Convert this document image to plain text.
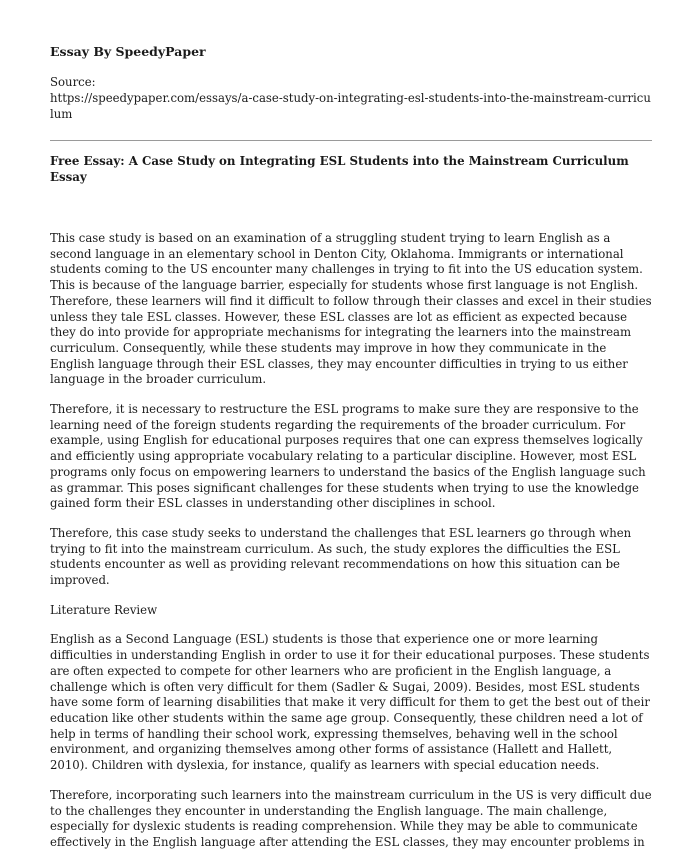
Essay By SpeedyPaper
Source:
https://speedypaper.com/essays/a-case-study-on-integrating-esl-students-into-the-mainstream-curriculum
Free Essay: A Case Study on Integrating ESL Students into the Mainstream Curriculum Essay

This case study is based on an examination of a struggling student trying to learn English as a second language in an elementary school in Denton City, Oklahoma. Immigrants or international students coming to the US encounter many challenges in trying to fit into the US education system. This is because of the language barrier, especially for students whose first language is not English. Therefore, these learners will find it difficult to follow through their classes and excel in their studies unless they tale ESL classes. However, these ESL classes are lot as efficient as expected because they do into provide for appropriate mechanisms for integrating the learners into the mainstream curriculum. Consequently, while these students may improve in how they communicate in the English language through their ESL classes, they may encounter difficulties in trying to us either language in the broader curriculum.

Therefore, it is necessary to restructure the ESL programs to make sure they are responsive to the learning need of the foreign students regarding the requirements of the broader curriculum. For example, using English for educational purposes requires that one can express themselves logically and efficiently using appropriate vocabulary relating to a particular discipline. However, most ESL programs only focus on empowering learners to understand the basics of the English language such as grammar. This poses significant challenges for these students when trying to use the knowledge gained form their ESL classes in understanding other disciplines in school.

Therefore, this case study seeks to understand the challenges that ESL learners go through when trying to fit into the mainstream curriculum. As such, the study explores the difficulties the ESL students encounter as well as providing relevant recommendations on how this situation can be improved.

Literature Review

English as a Second Language (ESL) students is those that experience one or more learning difficulties in understanding English in order to use it for their educational purposes. These students are often expected to compete for other learners who are proficient in the English language, a challenge which is often very difficult for them (Sadler & Sugai, 2009). Besides, most ESL students have some form of learning disabilities that make it very difficult for them to get the best out of their education like other students within the same age group. Consequently, these children need a lot of help in terms of handling their school work, expressing themselves, behaving well in the school environment, and organizing themselves among other forms of assistance (Hallett and Hallett, 2010). Children with dyslexia, for instance, qualify as learners with special education needs.

Therefore, incorporating such learners into the mainstream curriculum in the US is very difficult due to the challenges they encounter in understanding the English language. The main challenge, especially for dyslexic students is reading comprehension. While they may be able to communicate effectively in the English language after attending the ESL classes, they may encounter problems in
